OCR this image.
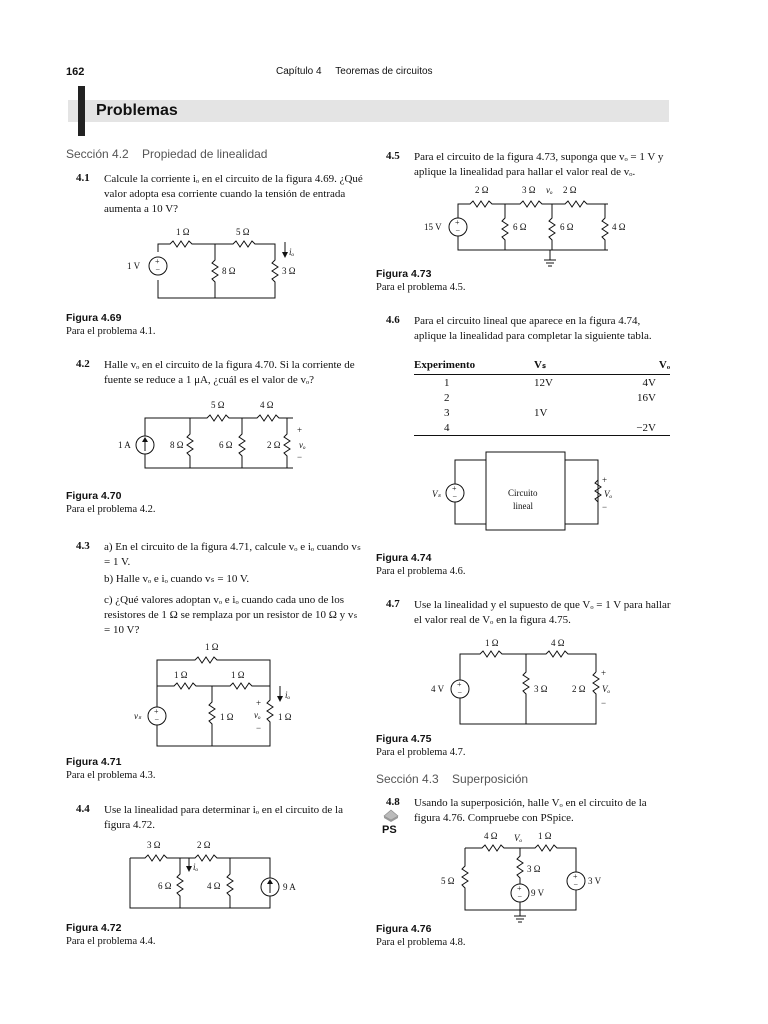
162	Capítulo 4     Teoremas de circuitos
Problemas
Sección 4.2    Propiedad de linealidad
4.1 Calcule la corriente iₒ en el circuito de la figura 4.69. ¿Qué valor adopta esa corriente cuando la tensión de entrada aumenta a 10 V?
+
−
1 Ω	5 Ω
8 Ω	3 Ω
1 V
iₒ
Figura 4.69
Para el problema 4.1.
4.2 Halle vₒ en el circuito de la figura 4.70. Si la corriente de fuente se reduce a 1 μA, ¿cuál es el valor de vₒ?
5 Ω	4 Ω
8 Ω	6 Ω	2 Ω
1 A
+
−
vₒ
Figura 4.70
Para el problema 4.2.
4.3 a) En el circuito de la figura 4.71, calcule vₒ e iₒ cuando vₛ = 1 V.
b) Halle vₒ e iₒ cuando vₛ = 10 V.
c) ¿Qué valores adoptan vₒ e iₒ cuando cada uno de los resistores de 1 Ω se remplaza por un resistor de 10 Ω y vₛ = 10 V?
+
−
1 Ω
1 Ω	1 Ω
1 Ω	1 Ω
vₛ
+
−
vₒ
iₒ
Figura 4.71
Para el problema 4.3.
4.4 Use la linealidad para determinar iₒ en el circuito de la figura 4.72.
3 Ω	2 Ω
6 Ω	4 Ω	9 A
iₒ
Figura 4.72
Para el problema 4.4.
4.5 Para el circuito de la figura 4.73, suponga que vₒ = 1 V y aplique la linealidad para hallar el valor real de vₒ.
+
−
2 Ω	3 Ω	2 Ω
6 Ω	6 Ω	4 Ω
15 V
vₒ
Figura 4.73
Para el problema 4.5.
4.6 Para el circuito lineal que aparece en la figura 4.74, aplique la linealidad para completar la siguiente tabla.
Experimento	Vₛ	Vₒ
1	12V	4V
2		16V
3	1V	
4		−2V
+
−	Circuito
lineal
Vₛ
+
−
Vₒ
Figura 4.74
Para el problema 4.6.
4.7 Use la linealidad y el supuesto de que Vₒ = 1 V para hallar el valor real de Vₒ en la figura 4.75.
+
−
1 Ω	4 Ω
3 Ω	2 Ω
4 V
+
−
Vₒ
Figura 4.75
Para el problema 4.7.
Sección 4.3    Superposición
4.8 Usando la superposición, halle Vₒ en el circuito de la figura 4.76. Compruebe con PSpice.
PS
+
−
+
−
4 Ω	1 Ω
3 Ω
5 Ω
9 V
3 V
Vₒ
Figura 4.76
Para el problema 4.8.
